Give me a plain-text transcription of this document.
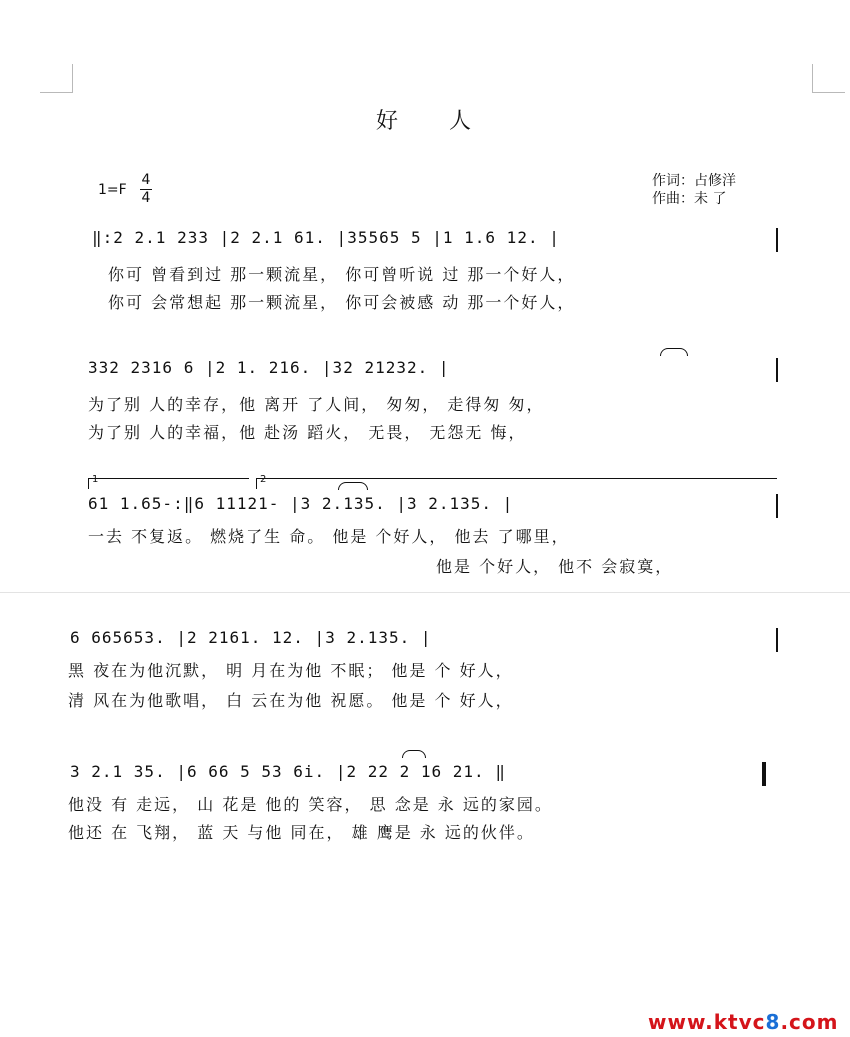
好 人
1=F
4
4
作词：占修洋
作曲：未 了
‖:2 2.1 233 |2 2.1 61. |35565 5 |1 1.6 12. |
你可 曾看到过 那一颗流星， 你可曾听说 过 那一个好人，
你可 会常想起 那一颗流星， 你可会被感 动 那一个好人，
332 2316 6 |2 1. 216. |32 21232. |
为了别 人的幸存，他 离开 了人间， 匆匆， 走得匆 匆，
为了别 人的幸福，他 赴汤 蹈火， 无畏， 无怨无 悔，
1	2
61 1.65-:‖6 11121- |3 2.135. |3 2.135. |
一去 不复返。 燃烧了生 命。 他是 个好人， 他去 了哪里，
他是 个好人， 他不 会寂寞，
6 665653. |2 2161. 12. |3 2.135. |
黑 夜在为他沉默， 明 月在为他 不眠； 他是 个 好人，
清 风在为他歌唱， 白 云在为他 祝愿。 他是 个 好人，
3 2.1 35. |6 66 5 53 6i. |2 22 2 16 21. ‖
他没 有 走远， 山 花是 他的 笑容， 思 念是 永 远的家园。
他还 在 飞翔， 蓝 天 与他 同在， 雄 鹰是 永 远的伙伴。
www.ktvc8.com
